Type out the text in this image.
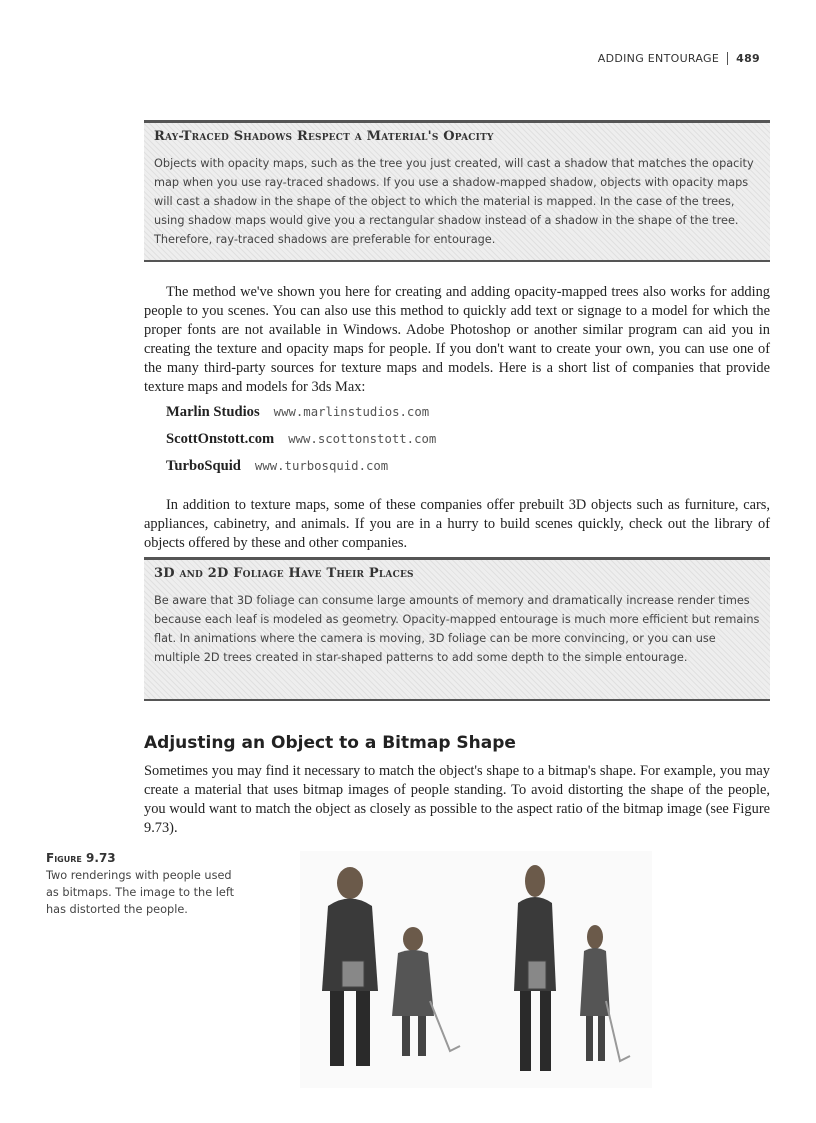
ADDING ENTOURAGE	489
Ray-Traced Shadows Respect a Material's Opacity
Objects with opacity maps, such as the tree you just created, will cast a shadow that matches the opacity map when you use ray-traced shadows. If you use a shadow-mapped shadow, objects with opacity maps will cast a shadow in the shape of the object to which the material is mapped. In the case of the trees, using shadow maps would give you a rectangular shadow instead of a shadow in the shape of the tree. Therefore, ray-traced shadows are preferable for entourage.

The method we've shown you here for creating and adding opacity-mapped trees also works for adding people to you scenes. You can also use this method to quickly add text or signage to a model for which the proper fonts are not available in Windows. Adobe Photoshop or another similar program can aid you in creating the texture and opacity maps for people. If you don't want to create your own, you can use one of the many third-party sources for texture maps and models. Here is a short list of companies that provide texture maps and models for 3ds Max:

Marlin Studios www.marlinstudios.com
ScottOnstott.com www.scottonstott.com
TurboSquid www.turbosquid.com

In addition to texture maps, some of these companies offer prebuilt 3D objects such as furniture, cars, appliances, cabinetry, and animals. If you are in a hurry to build scenes quickly, check out the library of objects offered by these and other companies.

3D and 2D Foliage Have Their Places
Be aware that 3D foliage can consume large amounts of memory and dramatically increase render times because each leaf is modeled as geometry. Opacity-mapped entourage is much more efficient but remains flat. In animations where the camera is moving, 3D foliage can be more convincing, or you can use multiple 2D trees created in star-shaped patterns to add some depth to the simple entourage.
Adjusting an Object to a Bitmap Shape

Sometimes you may find it necessary to match the object's shape to a bitmap's shape. For example, you may create a material that uses bitmap images of people standing. To avoid distorting the shape of the people, you would want to match the object as closely as possible to the aspect ratio of the bitmap image (see Figure 9.73).

Figure 9.73
Two renderings with people used as bitmaps. The image to the left has distorted the people.
